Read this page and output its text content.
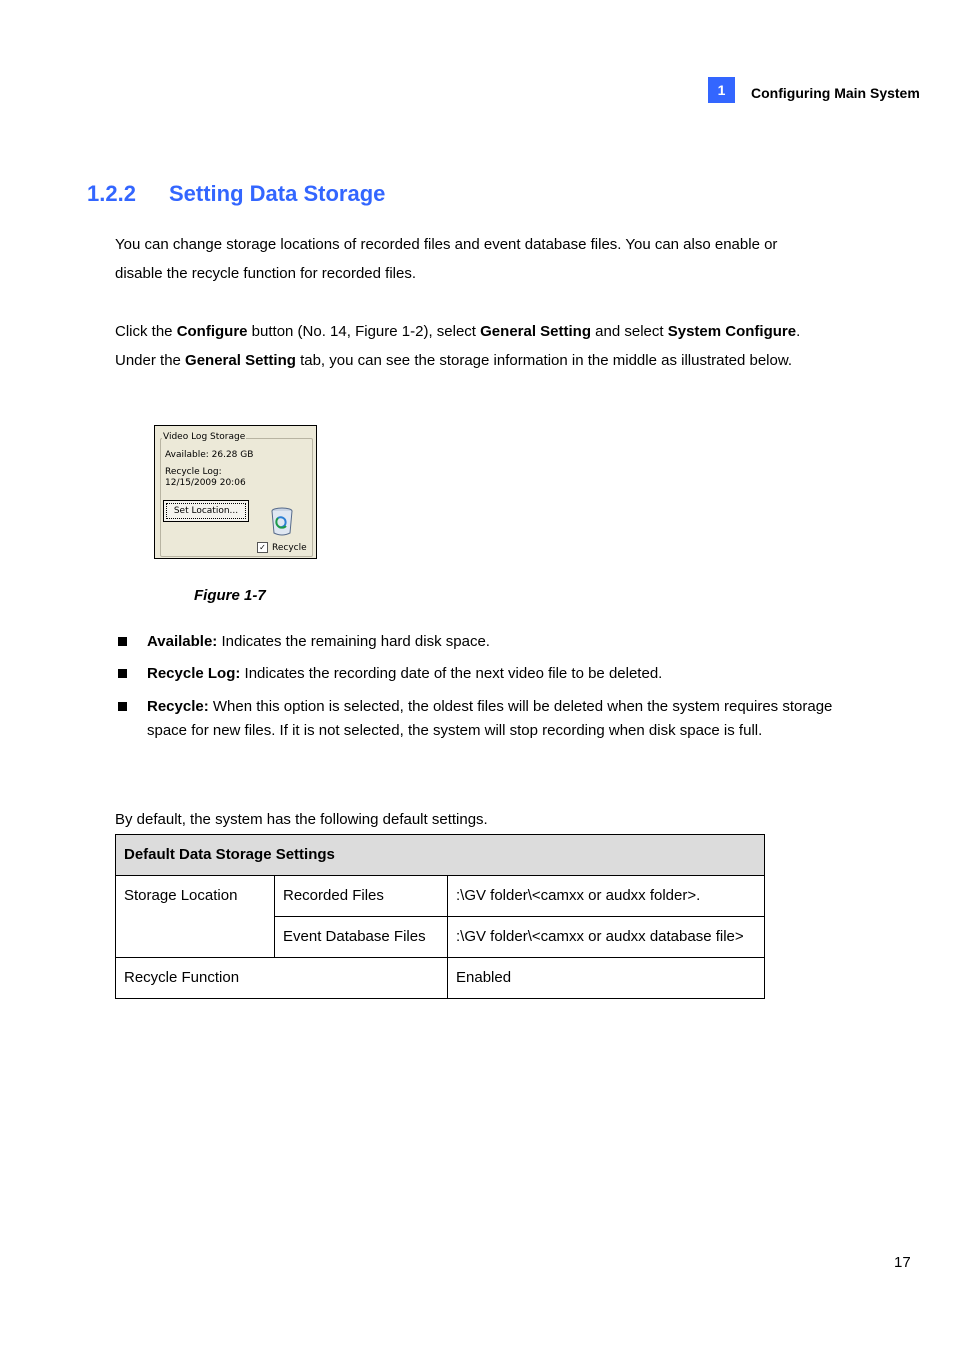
1	Configuring Main System
1.2.2 Setting Data Storage
You can change storage locations of recorded files and event database files. You can also enable or
disable the recycle function for recorded files.
Click the Configure button (No. 14, Figure 1-2), select General Setting and select System Configure. Under the General Setting tab, you can see the storage information in the middle as illustrated below.
Video Log Storage
Available: 26.28 GB
Recycle Log:
12/15/2009 20:06
Set Location...
✓ Recycle
Figure 1-7
Available: Indicates the remaining hard disk space.
Recycle Log: Indicates the recording date of the next video file to be deleted.
Recycle: When this option is selected, the oldest files will be deleted when the system requires storage space for new files. If it is not selected, the system will stop recording when disk space is full.
By default, the system has the following default settings.
Default Data Storage Settings		
Storage Location	Recorded Files	:\GV folder\<camxx or audxx folder>.
	Event Database Files	:\GV folder\<camxx or audxx database file>
Recycle Function		Enabled
17
